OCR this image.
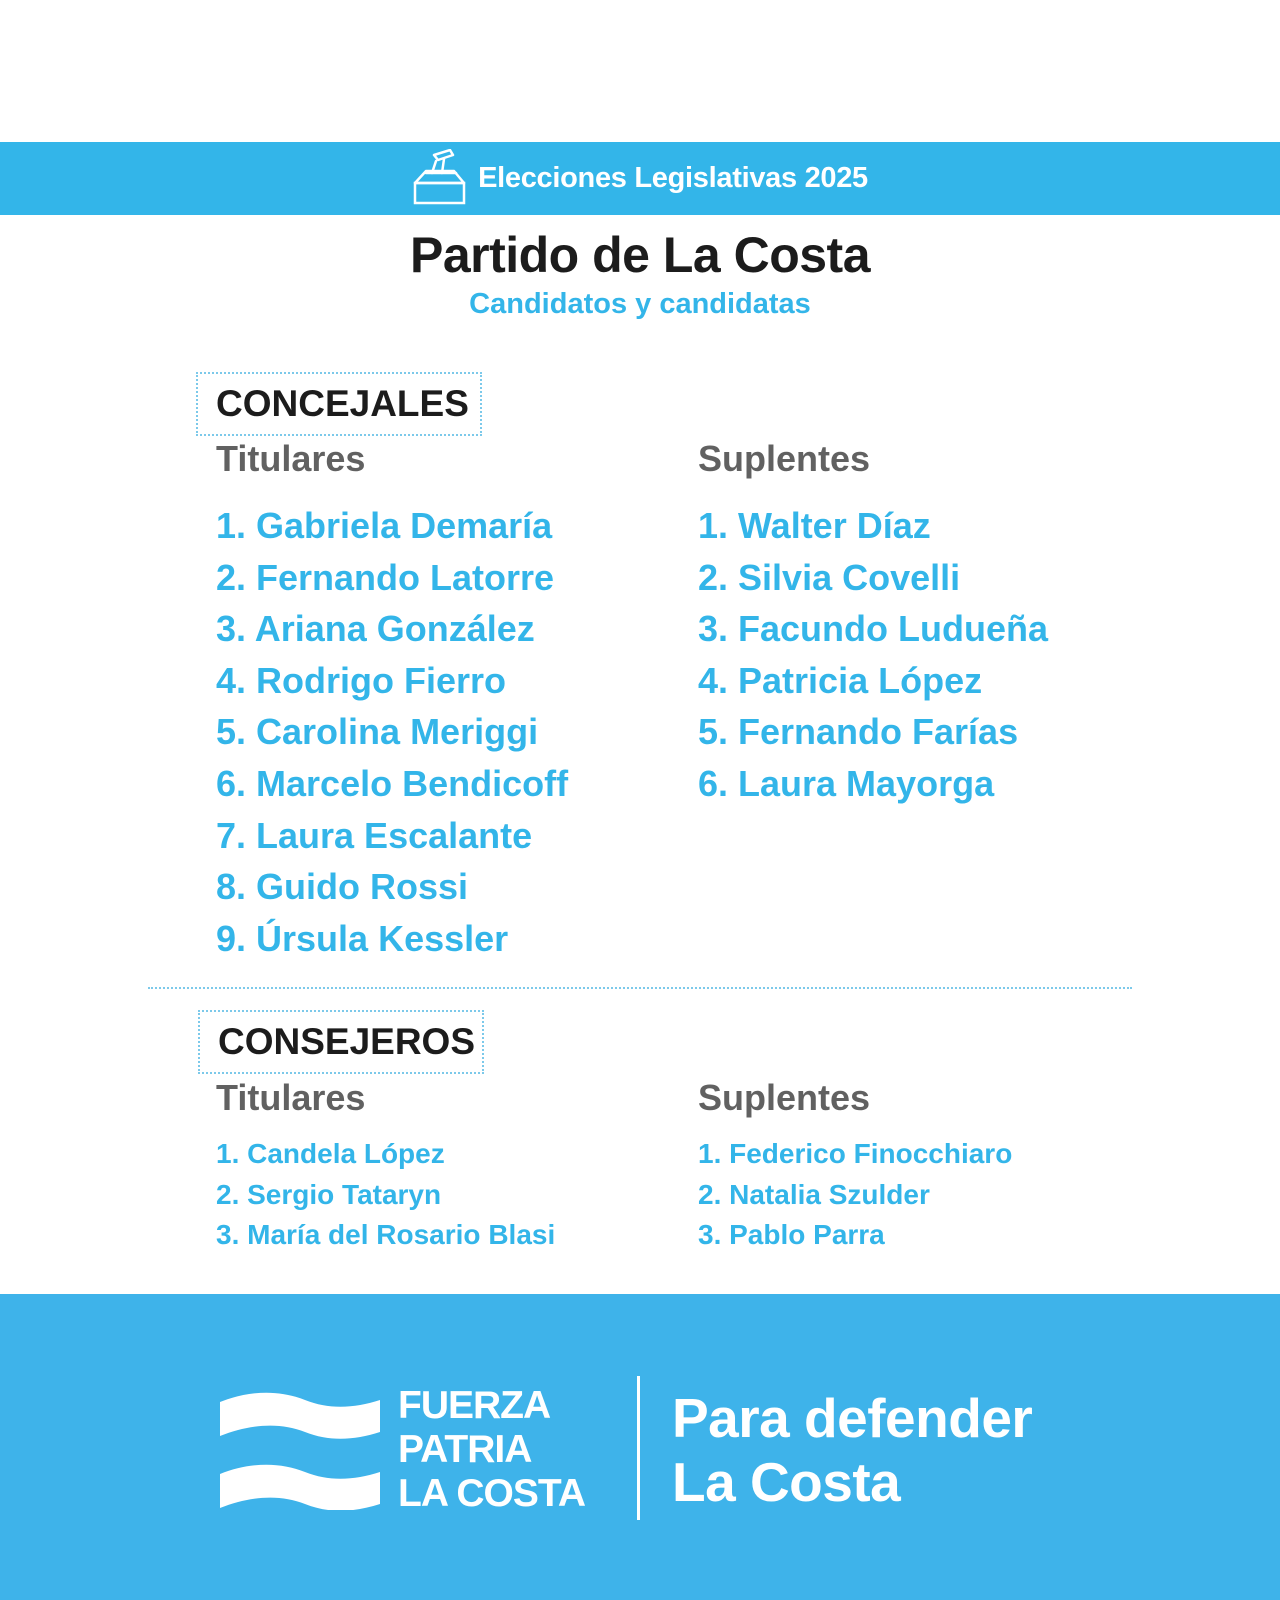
Elecciones Legislativas 2025
Partido de La Costa
Candidatos y candidatas
CONCEJALES
Titulares	Suplentes
1. Gabriela Demaría
2. Fernando Latorre
3. Ariana González
4. Rodrigo Fierro
5. Carolina Meriggi
6. Marcelo Bendicoff
7. Laura Escalante
8. Guido Rossi
9. Úrsula Kessler
1. Walter Díaz
2. Silvia Covelli
3. Facundo Ludueña
4. Patricia López
5. Fernando Farías
6. Laura Mayorga
CONSEJEROS
Titulares	Suplentes
1. Candela López
2. Sergio Tataryn
3. María del Rosario Blasi
1. Federico Finocchiaro
2. Natalia Szulder
3. Pablo Parra
FUERZA
PATRIA
LA COSTA
Para defender
La Costa
